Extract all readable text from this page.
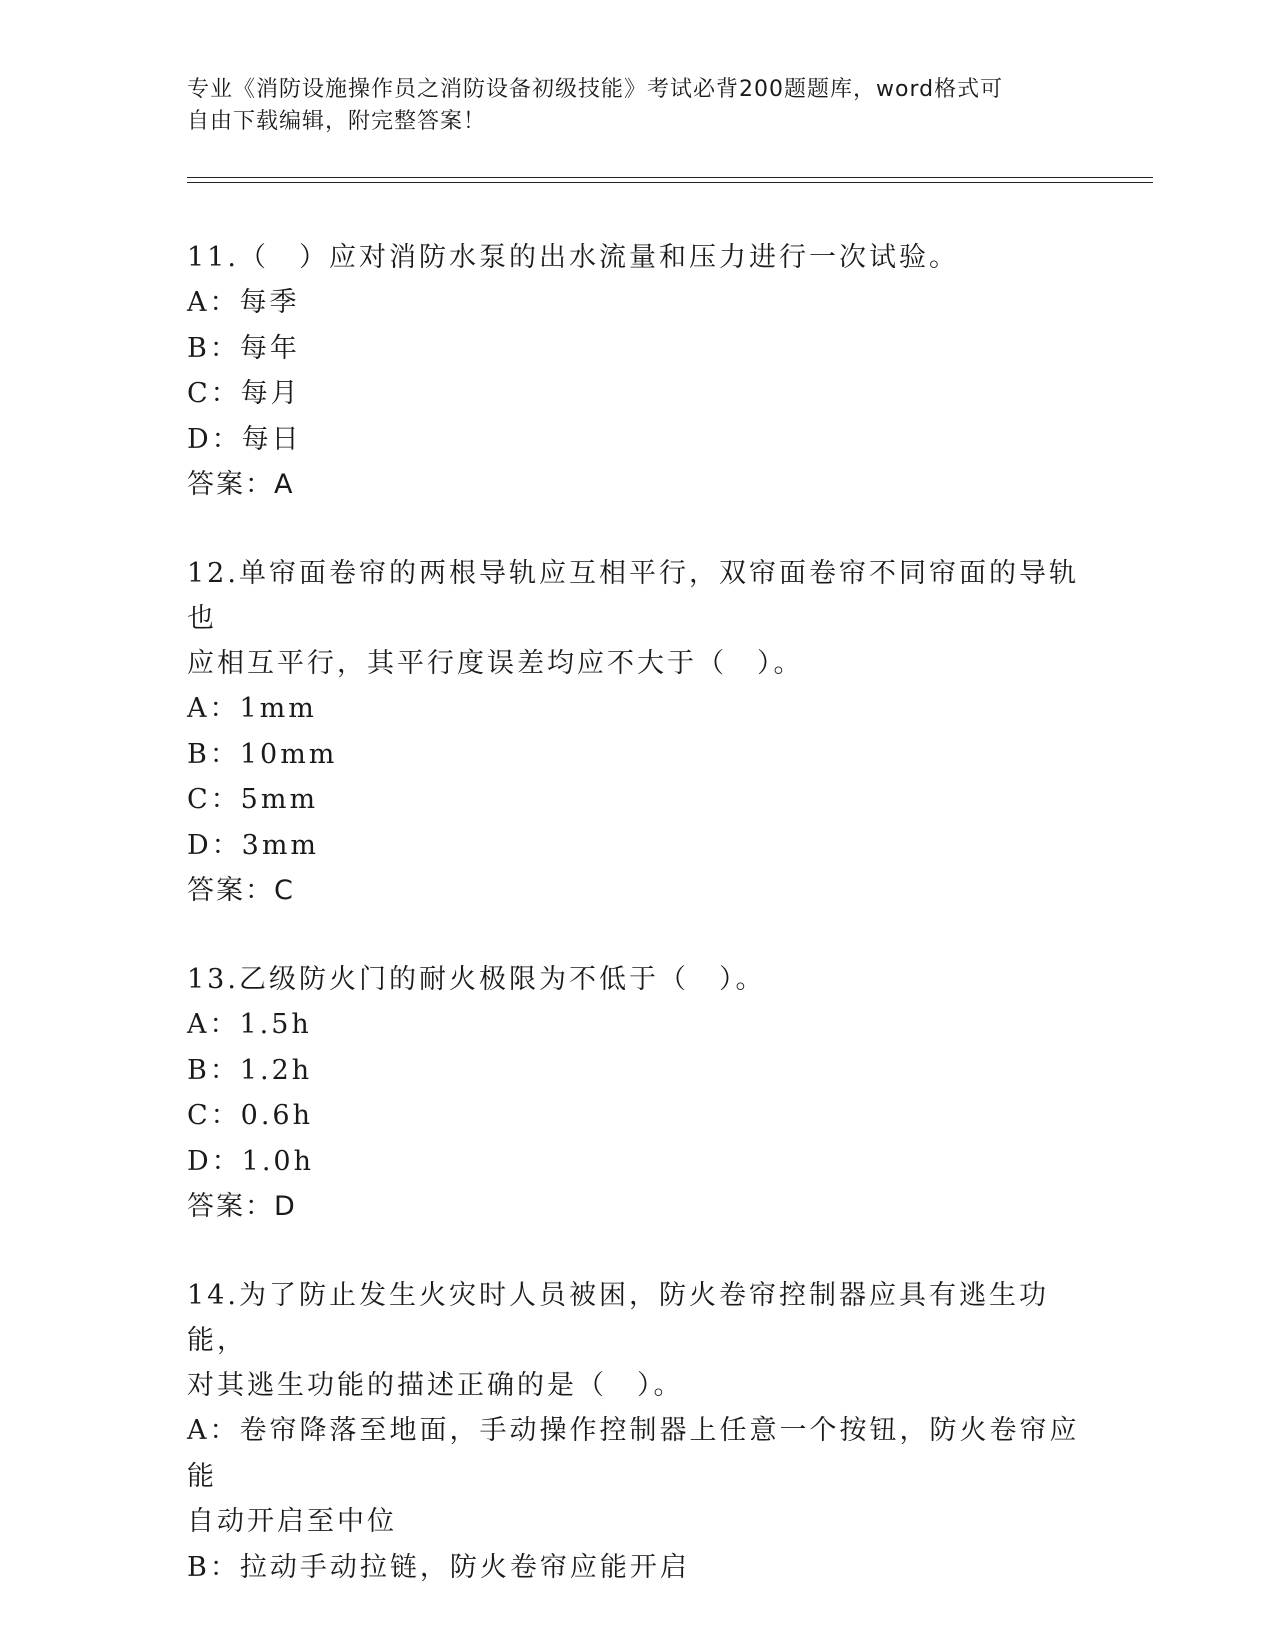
专业《消防设施操作员之消防设备初级技能》考试必背200题题库，word格式可
自由下载编辑，附完整答案！
11.（　）应对消防水泵的出水流量和压力进行一次试验。
A：每季
B：每年
C：每月
D：每日
答案：A
12.单帘面卷帘的两根导轨应互相平行，双帘面卷帘不同帘面的导轨也
应相互平行，其平行度误差均应不大于（　）。
A：1mm
B：10mm
C：5mm
D：3mm
答案：C
13.乙级防火门的耐火极限为不低于（　）。
A：1.5h
B：1.2h
C：0.6h
D：1.0h
答案：D
14.为了防止发生火灾时人员被困，防火卷帘控制器应具有逃生功能，
对其逃生功能的描述正确的是（　）。
A：卷帘降落至地面，手动操作控制器上任意一个按钮，防火卷帘应能
自动开启至中位
B：拉动手动拉链，防火卷帘应能开启
